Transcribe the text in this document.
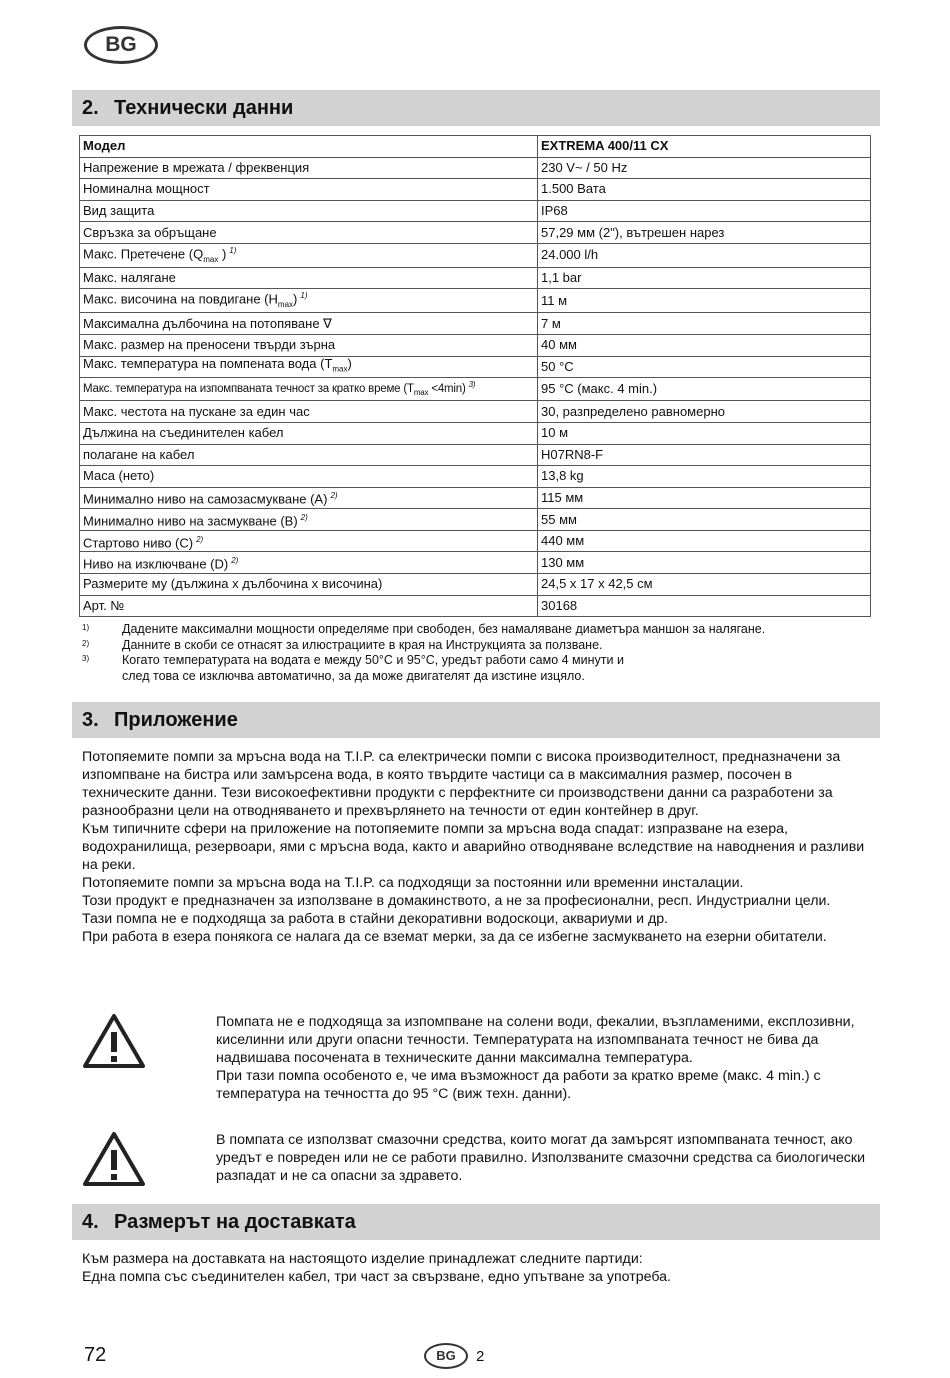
BG
2. Технически данни
Модел	EXTREMA 400/11 CX
Напрежение в мрежата / фреквенция	230 V~ / 50 Hz
Номинална мощност	1.500 Вата
Вид защита	IP68
Свръзка за обръщане	57,29 мм (2"), вътрешен нарез
Макс. Претечене ($Q_{max}$ ) $^{1)}$	24.000 l/h
Макс. налягане	1,1 bar
Макс. височина на повдигане $(H_{max})$ $^{1)}$	11 м
Максимална дълбочина на потопяване ∇	7 м
Макс. размер на преносени твърди зърна	40 мм
Макс. температура на помпената вода $(T_{max})$	50 °C
Макс. температура на изпомпваната течност за кратко време $(T_{max} <4\min)$ $^{3)}$	95 °C (макс. 4 min.)
Макс. честота на пускане за един час	30, разпределено равномерно
Дължина на съединителен кабел	10 м
полагане на кабел	H07RN8-F
Маса (нето)	13,8 kg
Минимално ниво на самозасмукване (А) $^{2)}$	115 мм
Минимално ниво на засмукване (В) $^{2)}$	55 мм
Стартово ниво (C) $^{2)}$	440 мм
Ниво на изключване (D) $^{2)}$	130 мм
Размерите му (дължина x дълбочина x височина)	24,5 x 17 x 42,5 см
Арт. №	30168
1)	Дадените максимални мощности определяме при свободен, без намаляване диаметъра маншон за налягане.
2)	Данните в скоби се отнасят за илюстрациите в края на Инструкцията за ползване.
3)	Когато температурата на водата е между 50°C и 95°C, уредът работи само 4 минути и
след това се изключва автоматично, за да може двигателят да изстине изцяло.
3. Приложение

Потопяемите помпи за мръсна вода на T.I.P. са електрически помпи с висока производителност, предназначени за изпомпване на бистра или замърсена вода, в която твърдите частици са в максималния размер, посочен в техническите данни. Тези високоефективни продукти с перфектните си производствени данни са разработени за разнообразни цели на отводняването и прехвърлянето на течности от един контейнер в друг.

Към типичните сфери на приложение на потопяемите помпи за мръсна вода спадат: изпразване на езера, водохранилища, резервоари, ями с мръсна вода, както и аварийно отводняване вследствие на наводнения и разливи на реки.

Потопяемите помпи за мръсна вода на T.I.P. са подходящи за постоянни или временни инсталации.

Този продукт е предназначен за използване в домакинството, а не за професионални, респ. Индустриални цели.

Тази помпа не е подходяща за работа в стайни декоративни водоскоци, аквариуми и др.

При работа в езера понякога се налага да се вземат мерки, за да се избегне засмукването на езерни обитатели.

Помпата не е подходяща за изпомпване на солени води, фекалии, възпламеними, експлозивни, киселинни или други опасни течности. Температурата на изпомпваната течност не бива да надвишава посочената в техническите данни максимална температура.

При тази помпа особеното е, че има възможност да работи за кратко време (макс. 4 min.) с температура на течността до 95 °C (виж техн. данни).

В помпата се използват смазочни средства, които могат да замърсят изпомпваната течност, ако уредът е повреден или не се работи правилно. Използваните смазочни средства са биологически разпадат и не са опасни за здравето.

4. Размерът на доставката

Към размера на доставката на настоящото изделие принадлежат следните партиди:

Една помпа със съединителен кабел, три част за свързване, едно упътване за употреба.

72	BG	2
